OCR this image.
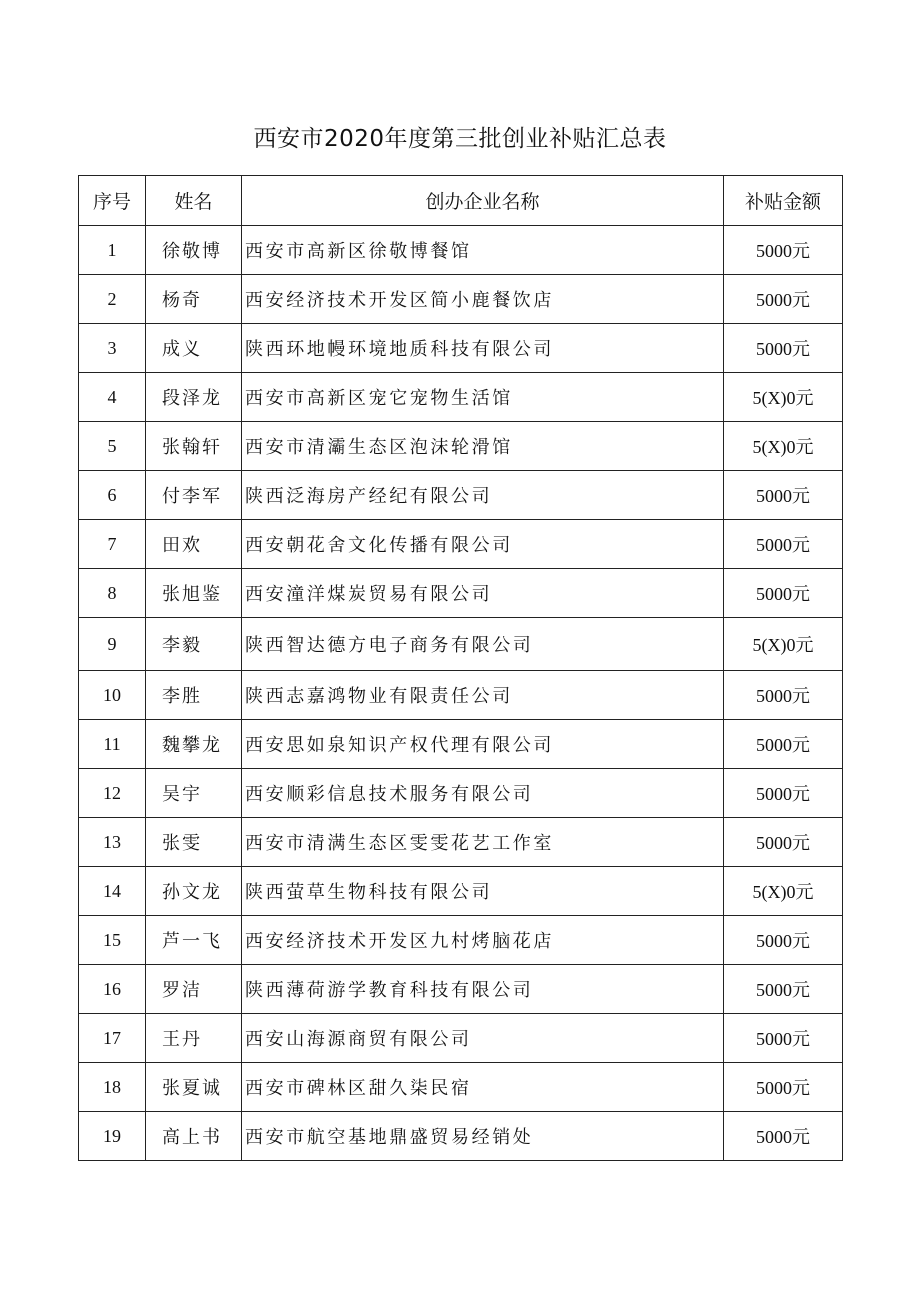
西安市2020年度第三批创业补贴汇总表
序号	姓名	创办企业名称	补贴金额
1	徐敬博	西安市高新区徐敬博餐馆	5000元
2	杨奇	西安经济技术开发区简小鹿餐饮店	5000元
3	成义	陕西环地幔环境地质科技有限公司	5000元
4	段泽龙	西安市高新区宠它宠物生活馆	5(X)0元
5	张翰轩	西安市清灞生态区泡沫轮滑馆	5(X)0元
6	付李军	陕西泛海房产经纪有限公司	5000元
7	田欢	西安朝花舍文化传播有限公司	5000元
8	张旭鉴	西安潼洋煤炭贸易有限公司	5000元
9	李毅	陕西智达德方电子商务有限公司	5(X)0元
10	李胜	陕西志嘉鸿物业有限责任公司	5000元
11	魏攀龙	西安思如泉知识产权代理有限公司	5000元
12	吴宇	西安顺彩信息技术服务有限公司	5000元
13	张雯	西安市清满生态区雯雯花艺工作室	5000元
14	孙文龙	陕西萤草生物科技有限公司	5(X)0元
15	芦一飞	西安经济技术开发区九村烤脑花店	5000元
16	罗洁	陕西薄荷游学教育科技有限公司	5000元
17	王丹	西安山海源商贸有限公司	5000元
18	张夏诚	西安市碑林区甜久柒民宿	5000元
19	高上书	西安市航空基地鼎盛贸易经销处	5000元
